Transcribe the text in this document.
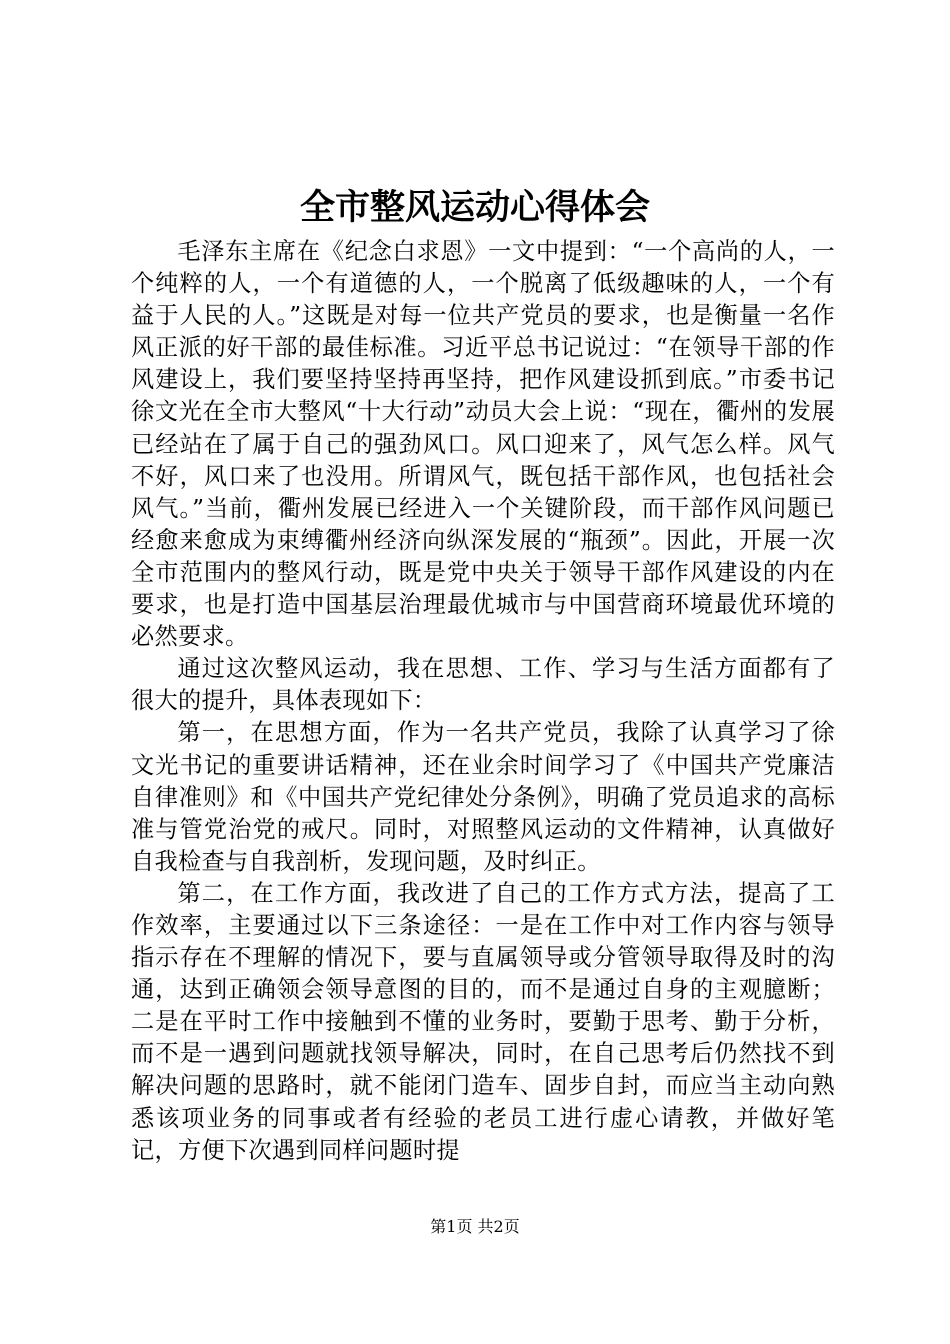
全市整风运动心得体会

毛泽东主席在《纪念白求恩》一文中提到：“一个高尚的人，一个纯粹的人，一个有道德的人，一个脱离了低级趣味的人，一个有益于人民的人。”这既是对每一位共产党员的要求，也是衡量一名作风正派的好干部的最佳标准。习近平总书记说过：“在领导干部的作风建设上，我们要坚持坚持再坚持，把作风建设抓到底。”市委书记徐文光在全市大整风“十大行动”动员大会上说：“现在，衢州的发展已经站在了属于自己的强劲风口。风口迎来了，风气怎么样。风气不好，风口来了也没用。所谓风气，既包括干部作风，也包括社会风气。”当前，衢州发展已经进入一个关键阶段，而干部作风问题已经愈来愈成为束缚衢州经济向纵深发展的“瓶颈”。因此，开展一次全市范围内的整风行动，既是党中央关于领导干部作风建设的内在要求，也是打造中国基层治理最优城市与中国营商环境最优环境的必然要求。

通过这次整风运动，我在思想、工作、学习与生活方面都有了很大的提升，具体表现如下：

第一，在思想方面，作为一名共产党员，我除了认真学习了徐文光书记的重要讲话精神，还在业余时间学习了《中国共产党廉洁自律准则》和《中国共产党纪律处分条例》，明确了党员追求的高标准与管党治党的戒尺。同时，对照整风运动的文件精神，认真做好自我检查与自我剖析，发现问题，及时纠正。

第二，在工作方面，我改进了自己的工作方式方法，提高了工作效率，主要通过以下三条途径：一是在工作中对工作内容与领导指示存在不理解的情况下，要与直属领导或分管领导取得及时的沟通，达到正确领会领导意图的目的，而不是通过自身的主观臆断；二是在平时工作中接触到不懂的业务时，要勤于思考、勤于分析，而不是一遇到问题就找领导解决，同时，在自己思考后仍然找不到解决问题的思路时，就不能闭门造车、固步自封，而应当主动向熟悉该项业务的同事或者有经验的老员工进行虚心请教，并做好笔记，方便下次遇到同样问题时提

第1页 共2页
